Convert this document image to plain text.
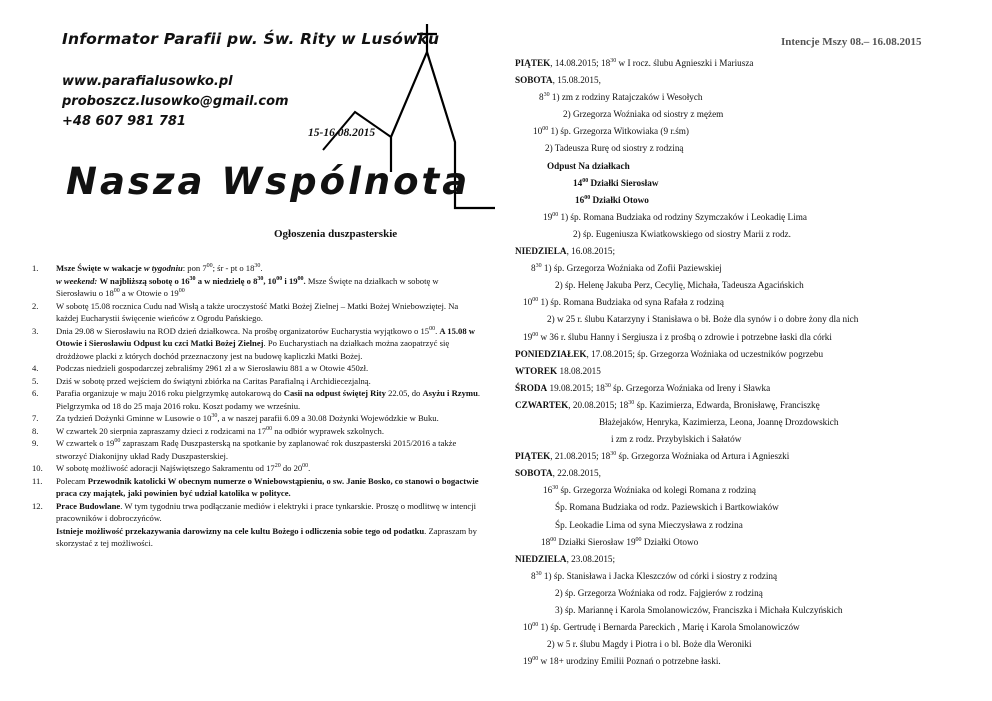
Informator Parafii pw. Św. Rity w Lusówku
www.parafialusowko.pl
proboszcz.lusowko@gmail.com
+48 607 981 781
15-16.08.2015
Nasza Wspólnota
Ogłoszenia duszpasterskie
1. Msze Święte w wakacje w tygodniu: pon $7^{00}$; śr - pt o $18^{30}$.
w weekend: W najbliższą sobotę o $16^{30}$ a w niedzielę o $8^{30}$, $10^{00}$ i $19^{00}$. Msze Święte na działkach w sobotę w Sierosławiu o $18^{00}$ a w Otowie o $19^{00}$
2. W sobotę 15.08 rocznica Cudu nad Wisłą a także uroczystość Matki Bożej Zielnej – Matki Bożej Wniebowziętej. Na każdej Eucharystii święcenie wieńców z Ogrodu Pańskiego.
3. Dnia 29.08 w Sierosławiu na ROD dzień działkowca. Na prośbę organizatorów Eucharystia wyjątkowo o $15^{00}$. A 15.08 w Otowie i Sierosławiu Odpust ku czci Matki Bożej Zielnej. Po Eucharystiach na działkach można zaopatrzyć się drożdżowe placki z których dochód przeznaczony jest na budowę kapliczki Matki Bożej.
4. Podczas niedzieli gospodarczej zebraliśmy 2961 zł a w Sierosławiu 881 a w Otowie 450zł.
5. Dziś w sobotę przed wejściem do świątyni zbiórka na Caritas Parafialną i Archidiecezjalną.
6. Parafia organizuje w maju 2016 roku pielgrzymkę autokarową do Casii na odpust świętej Rity 22.05, do Asyżu i Rzymu. Pielgrzymka od 18 do 25 maja 2016 roku. Koszt podamy we wrześniu.
7. Za tydzień Dożynki Gminne w Lusowie o $10^{30}$, a w naszej parafii 6.09 a 30.08 Dożynki Wojewódzkie w Buku.
8. W czwartek 20 sierpnia zapraszamy dzieci z rodzicami na $17^{00}$ na odbiór wyprawek szkolnych.
9. W czwartek o $19^{00}$ zapraszam Radę Duszpasterską na spotkanie by zaplanować rok duszpasterski 2015/2016 a także stworzyć Diakonijny układ Rady Duszpasterskiej.
10. W sobotę możliwość adoracji Najświętszego Sakramentu od $17^{20}$ do $20^{00}$.
11. Polecam Przewodnik katolicki W obecnym numerze o Wniebowstąpieniu, o sw. Janie Bosko, co stanowi o bogactwie praca czy majątek, jaki powinien być udział katolika w polityce.
12. Prace Budowlane. W tym tygodniu trwa podłączanie mediów i elektryki i prace tynkarskie. Proszę o modlitwę w intencji pracowników i dobroczyńców.
Istnieje możliwość przekazywania darowizny na cele kultu Bożego i odliczenia sobie tego od podatku. Zapraszam by skorzystać z tej możliwości.
Intencje Mszy 08.– 16.08.2015
PIĄTEK, 14.08.2015; $18^{30}$ w I rocz. ślubu Agnieszki i Mariusza
SOBOTA, 15.08.2015,
$8^{30}$ 1) zm z rodziny Ratajczaków i Wesołych
2) Grzegorza Woźniaka od siostry z mężem
$10^{00}$ 1) śp. Grzegorza Witkowiaka (9 r.śm)
2) Tadeusza Rurę od siostry z rodziną
Odpust Na działkach
$14^{00}$ Działki Sierosław
$16^{00}$ Działki Otowo
$19^{00}$ 1) śp. Romana Budziaka od rodziny Szymczaków i Leokadię Lima
2) śp. Eugeniusza Kwiatkowskiego od siostry Marii z rodz.
NIEDZIELA, 16.08.2015;
$8^{30}$ 1) śp. Grzegorza Woźniaka od Zofii Paziewskiej
2) śp. Helenę Jakuba Perz, Cecylię, Michała, Tadeusza Agacińskich
$10^{00}$ 1) śp. Romana Budziaka od syna Rafała z rodziną
2) w 25 r. ślubu Katarzyny i Stanisława o bł. Boże dla synów i o dobre żony dla nich
$19^{00}$ w 36 r. ślubu Hanny i Sergiusza i z prośbą o zdrowie i potrzebne łaski dla córki
PONIEDZIAŁEK, 17.08.2015; śp. Grzegorza Woźniaka od uczestników pogrzebu
WTOREK 18.08.2015
ŚRODA 19.08.2015; $18^{30}$ śp. Grzegorza Woźniaka od Ireny i Sławka
CZWARTEK, 20.08.2015; $18^{30}$ śp. Kazimierza, Edwarda, Bronisławę, Franciszkę
Błażejaków, Henryka, Kazimierza, Leona, Joannę Drozdowskich
i zm z rodz. Przybylskich i Sałatów
PIĄTEK, 21.08.2015; $18^{30}$ śp. Grzegorza Woźniaka od Artura i Agnieszki
SOBOTA, 22.08.2015,
$16^{30}$ śp. Grzegorza Woźniaka od kolegi Romana z rodziną
Śp. Romana Budziaka od rodz. Paziewskich i Bartkowiaków
Śp. Leokadie Lima od syna Mieczysława z rodzina
$18^{00}$ Działki Sierosław $19^{00}$ Działki Otowo
NIEDZIELA, 23.08.2015;
$8^{30}$ 1) śp. Stanisława i Jacka Kleszczów od córki i siostry z rodziną
2) śp. Grzegorza Woźniaka od rodz. Fajgierów z rodziną
3) śp. Mariannę i Karola Smolanowiczów, Franciszka i Michała Kulczyńskich
$10^{00}$ 1) śp. Gertrudę i Bernarda Pareckich , Marię i Karola Smolanowiczów
2) w 5 r. ślubu Magdy i Piotra i o bl. Boże dla Weroniki
$19^{00}$ w 18+ urodziny Emilii Poznań o potrzebne łaski.
